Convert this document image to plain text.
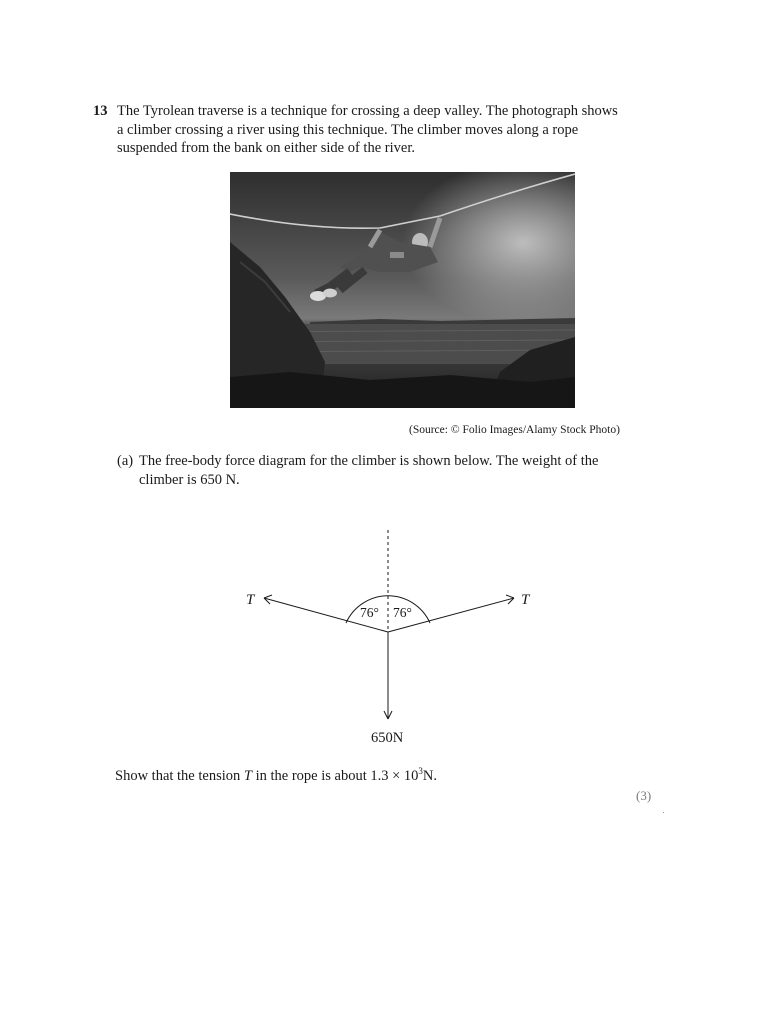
13 The Tyrolean traverse is a technique for crossing a deep valley. The photograph shows
a climber crossing a river using this technique. The climber moves along a rope
suspended from the bank on either side of the river.
(Source: © Folio Images/Alamy Stock Photo)
(a) The free-body force diagram for the climber is shown below. The weight of the
climber is 650 N.
T	T
76° 76°
650N
Show that the tension T in the rope is about $1.3 \times 10^3N$.
(3)
